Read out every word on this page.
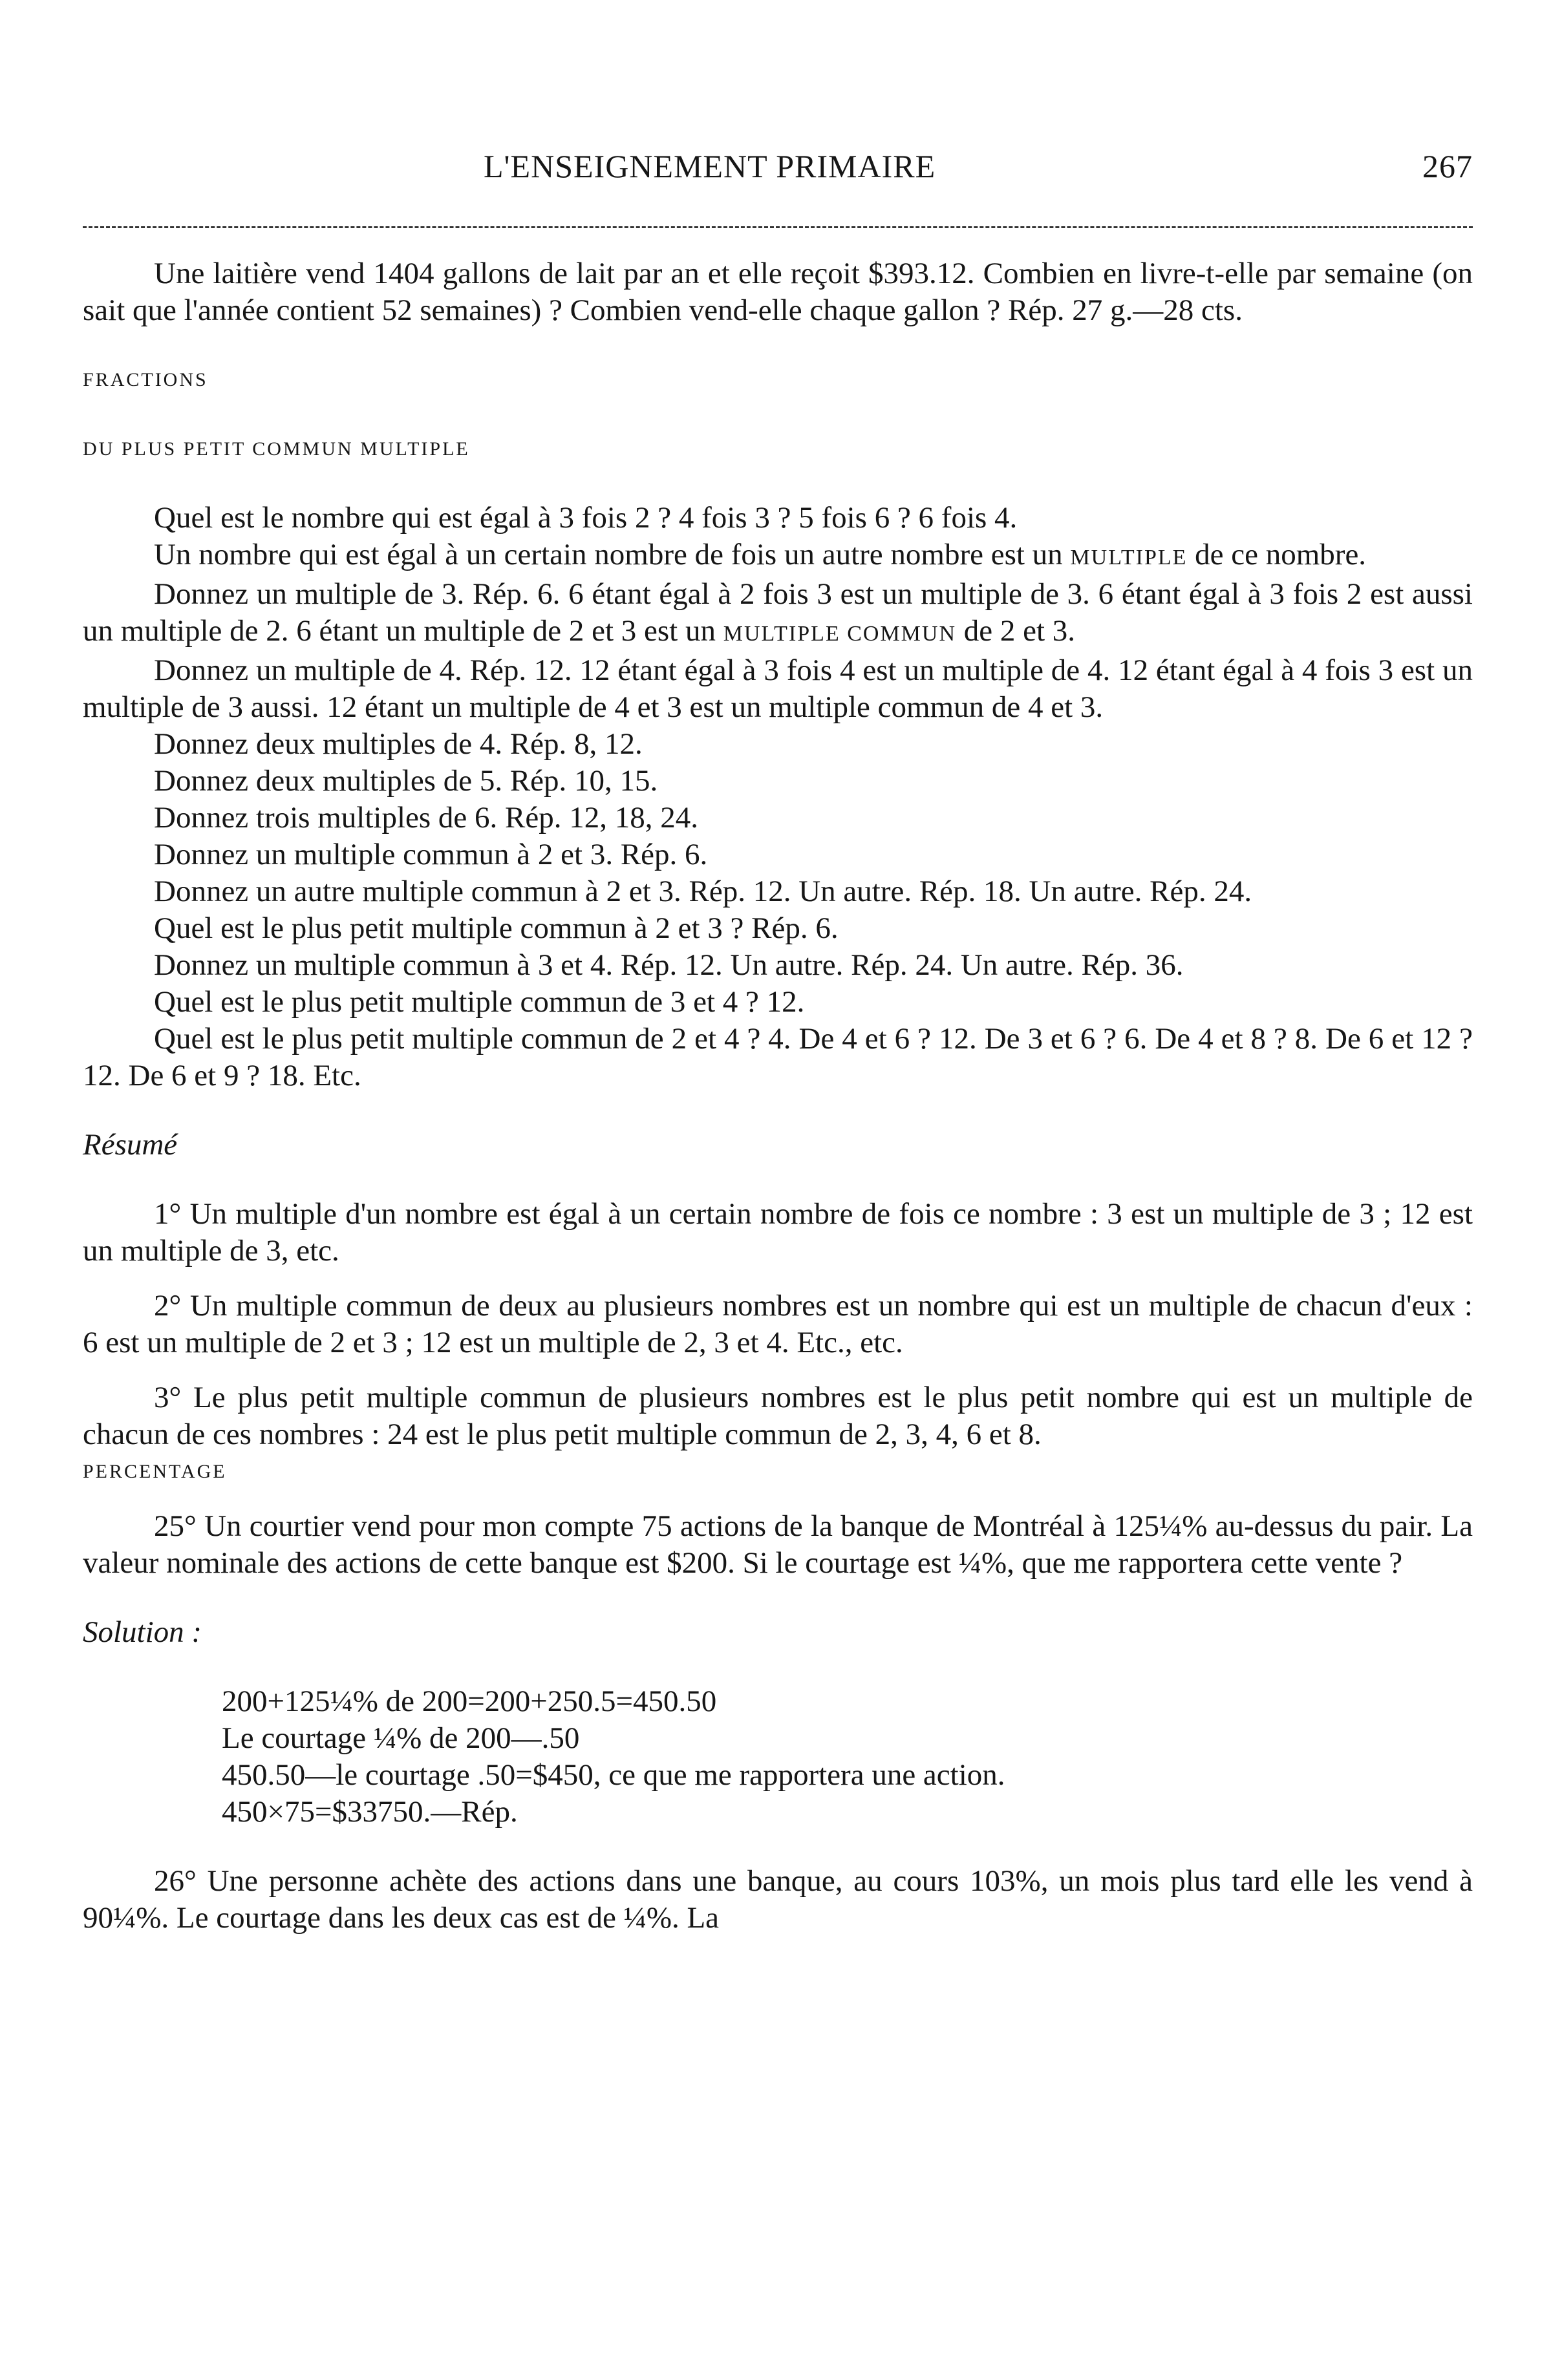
L'ENSEIGNEMENT PRIMAIRE	267

Une laitière vend 1404 gallons de lait par an et elle reçoit $393.12. Combien en livre-t-elle par semaine (on sait que l'année contient 52 semaines) ? Combien vend-elle chaque gallon ? Rép. 27 g.—28 cts.

FRACTIONS

DU PLUS PETIT COMMUN MULTIPLE

Quel est le nombre qui est égal à 3 fois 2 ? 4 fois 3 ? 5 fois 6 ? 6 fois 4.

Un nombre qui est égal à un certain nombre de fois un autre nombre est un MULTIPLE de ce nombre.

Donnez un multiple de 3. Rép. 6. 6 étant égal à 2 fois 3 est un multiple de 3. 6 étant égal à 3 fois 2 est aussi un multiple de 2. 6 étant un multiple de 2 et 3 est un MULTIPLE COMMUN de 2 et 3.

Donnez un multiple de 4. Rép. 12. 12 étant égal à 3 fois 4 est un multiple de 4. 12 étant égal à 4 fois 3 est un multiple de 3 aussi. 12 étant un multiple de 4 et 3 est un multiple commun de 4 et 3.

Donnez deux multiples de 4. Rép. 8, 12.

Donnez deux multiples de 5. Rép. 10, 15.

Donnez trois multiples de 6. Rép. 12, 18, 24.

Donnez un multiple commun à 2 et 3. Rép. 6.

Donnez un autre multiple commun à 2 et 3. Rép. 12. Un autre. Rép. 18. Un autre. Rép. 24.

Quel est le plus petit multiple commun à 2 et 3 ? Rép. 6.

Donnez un multiple commun à 3 et 4. Rép. 12. Un autre. Rép. 24. Un autre. Rép. 36.

Quel est le plus petit multiple commun de 3 et 4 ? 12.

Quel est le plus petit multiple commun de 2 et 4 ? 4. De 4 et 6 ? 12. De 3 et 6 ? 6. De 4 et 8 ? 8. De 6 et 12 ? 12. De 6 et 9 ? 18. Etc.

Résumé

1° Un multiple d'un nombre est égal à un certain nombre de fois ce nombre : 3 est un multiple de 3 ; 12 est un multiple de 3, etc.

2° Un multiple commun de deux au plusieurs nombres est un nombre qui est un multiple de chacun d'eux : 6 est un multiple de 2 et 3 ; 12 est un multiple de 2, 3 et 4. Etc., etc.

3° Le plus petit multiple commun de plusieurs nombres est le plus petit nombre qui est un multiple de chacun de ces nombres : 24 est le plus petit multiple commun de 2, 3, 4, 6 et 8.

PERCENTAGE

25° Un courtier vend pour mon compte 75 actions de la banque de Montréal à 125¼% au-dessus du pair. La valeur nominale des actions de cette banque est $200. Si le courtage est ¼%, que me rapportera cette vente ?

Solution :

200+125¼% de 200=200+250.5=450.50

Le courtage ¼% de 200—.50

450.50—le courtage .50=$450, ce que me rapportera une action.

450×75=$33750.—Rép.

26° Une personne achète des actions dans une banque, au cours 103%, un mois plus tard elle les vend à 90¼%. Le courtage dans les deux cas est de ¼%. La
